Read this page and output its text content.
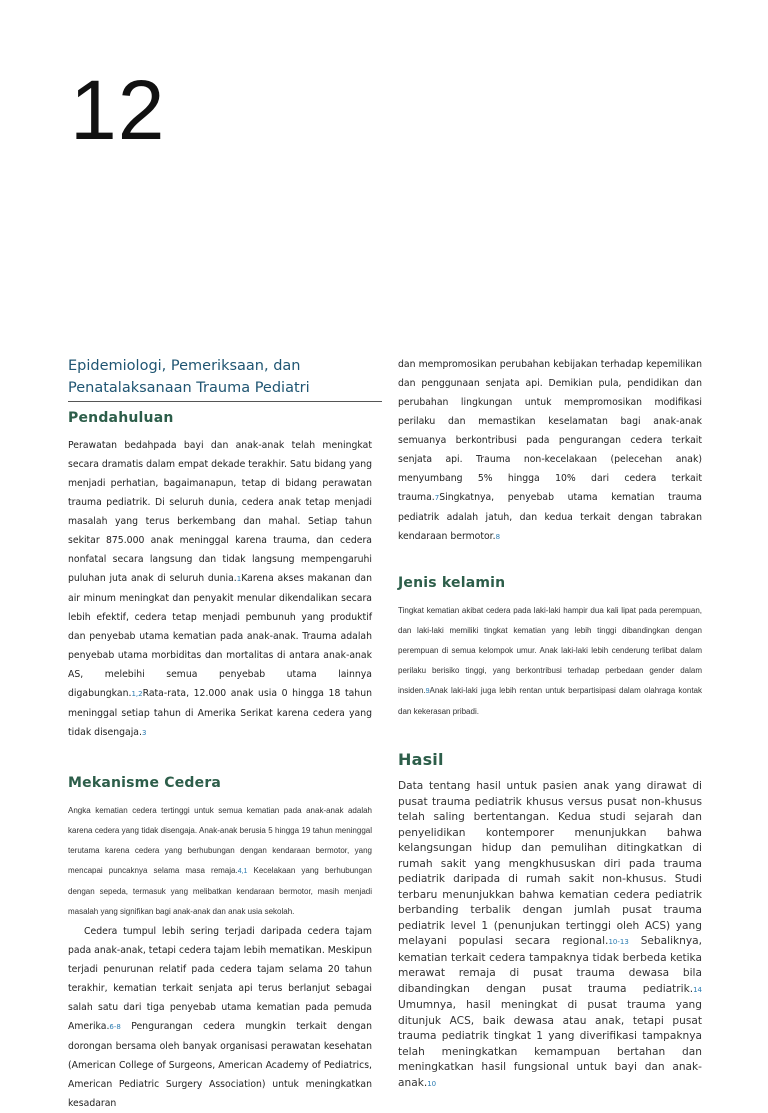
12
Epidemiologi, Pemeriksaan, dan
Penatalaksanaan Trauma Pediatri
Pendahuluan

Perawatan bedahpada bayi dan anak-anak telah meningkat secara dramatis dalam empat dekade terakhir. Satu bidang yang menjadi perhatian, bagaimanapun, tetap di bidang perawatan trauma pediatrik. Di seluruh dunia, cedera anak tetap menjadi masalah yang terus berkembang dan mahal. Setiap tahun sekitar 875.000 anak meninggal karena trauma, dan cedera nonfatal secara langsung dan tidak langsung mempengaruhi puluhan juta anak di seluruh dunia.1Karena akses makanan dan air minum meningkat dan penyakit menular dikendalikan secara lebih efektif, cedera tetap menjadi pembunuh yang produktif dan penyebab utama kematian pada anak-anak. Trauma adalah penyebab utama morbiditas dan mortalitas di antara anak-anak AS, melebihi semua penyebab utama lainnya digabungkan.1,2Rata-rata, 12.000 anak usia 0 hingga 18 tahun meninggal setiap tahun di Amerika Serikat karena cedera yang tidak disengaja.3

Mekanisme Cedera

Angka kematian cedera tertinggi untuk semua kematian pada anak-anak adalah karena cedera yang tidak disengaja. Anak-anak berusia 5 hingga 19 tahun meninggal terutama karena cedera yang berhubungan dengan kendaraan bermotor, yang mencapai puncaknya selama masa remaja.4,1 Kecelakaan yang berhubungan dengan sepeda, termasuk yang melibatkan kendaraan bermotor, masih menjadi masalah yang signifikan bagi anak-anak dan anak usia sekolah.

Cedera tumpul lebih sering terjadi daripada cedera tajam pada anak-anak, tetapi cedera tajam lebih mematikan. Meskipun terjadi penurunan relatif pada cedera tajam selama 20 tahun terakhir, kematian terkait senjata api terus berlanjut sebagai salah satu dari tiga penyebab utama kematian pada pemuda Amerika.6-8 Pengurangan cedera mungkin terkait dengan dorongan bersama oleh banyak organisasi perawatan kesehatan (American College of Surgeons, American Academy of Pediatrics, American Pediatric Surgery Association) untuk meningkatkan kesadaran

dan mempromosikan perubahan kebijakan terhadap kepemilikan dan penggunaan senjata api. Demikian pula, pendidikan dan perubahan lingkungan untuk mempromosikan modifikasi perilaku dan memastikan keselamatan bagi anak-anak semuanya berkontribusi pada pengurangan cedera terkait senjata api. Trauma non-kecelakaan (pelecehan anak) menyumbang 5% hingga 10% dari cedera terkait trauma.7Singkatnya, penyebab utama kematian trauma pediatrik adalah jatuh, dan kedua terkait dengan tabrakan kendaraan bermotor.8

Jenis kelamin

Tingkat kematian akibat cedera pada laki-laki hampir dua kali lipat pada perempuan, dan laki-laki memiliki tingkat kematian yang lebih tinggi dibandingkan dengan perempuan di semua kelompok umur. Anak laki-laki lebih cenderung terlibat dalam perilaku berisiko tinggi, yang berkontribusi terhadap perbedaan gender dalam insiden.9Anak laki-laki juga lebih rentan untuk berpartisipasi dalam olahraga kontak dan kekerasan pribadi.

Hasil

Data tentang hasil untuk pasien anak yang dirawat di pusat trauma pediatrik khusus versus pusat non-khusus telah saling bertentangan. Kedua studi sejarah dan penyelidikan kontemporer menunjukkan bahwa kelangsungan hidup dan pemulihan ditingkatkan di rumah sakit yang mengkhususkan diri pada trauma pediatrik daripada di rumah sakit non-khusus. Studi terbaru menunjukkan bahwa kematian cedera pediatrik berbanding terbalik dengan jumlah pusat trauma pediatrik level 1 (penunjukan tertinggi oleh ACS) yang melayani populasi secara regional.10-13 Sebaliknya, kematian terkait cedera tampaknya tidak berbeda ketika merawat remaja di pusat trauma dewasa bila dibandingkan dengan pusat trauma pediatrik.14 Umumnya, hasil meningkat di pusat trauma yang ditunjuk ACS, baik dewasa atau anak, tetapi pusat trauma pediatrik tingkat 1 yang diverifikasi tampaknya telah meningkatkan kemampuan bertahan dan meningkatkan hasil fungsional untuk bayi dan anak-anak.10
